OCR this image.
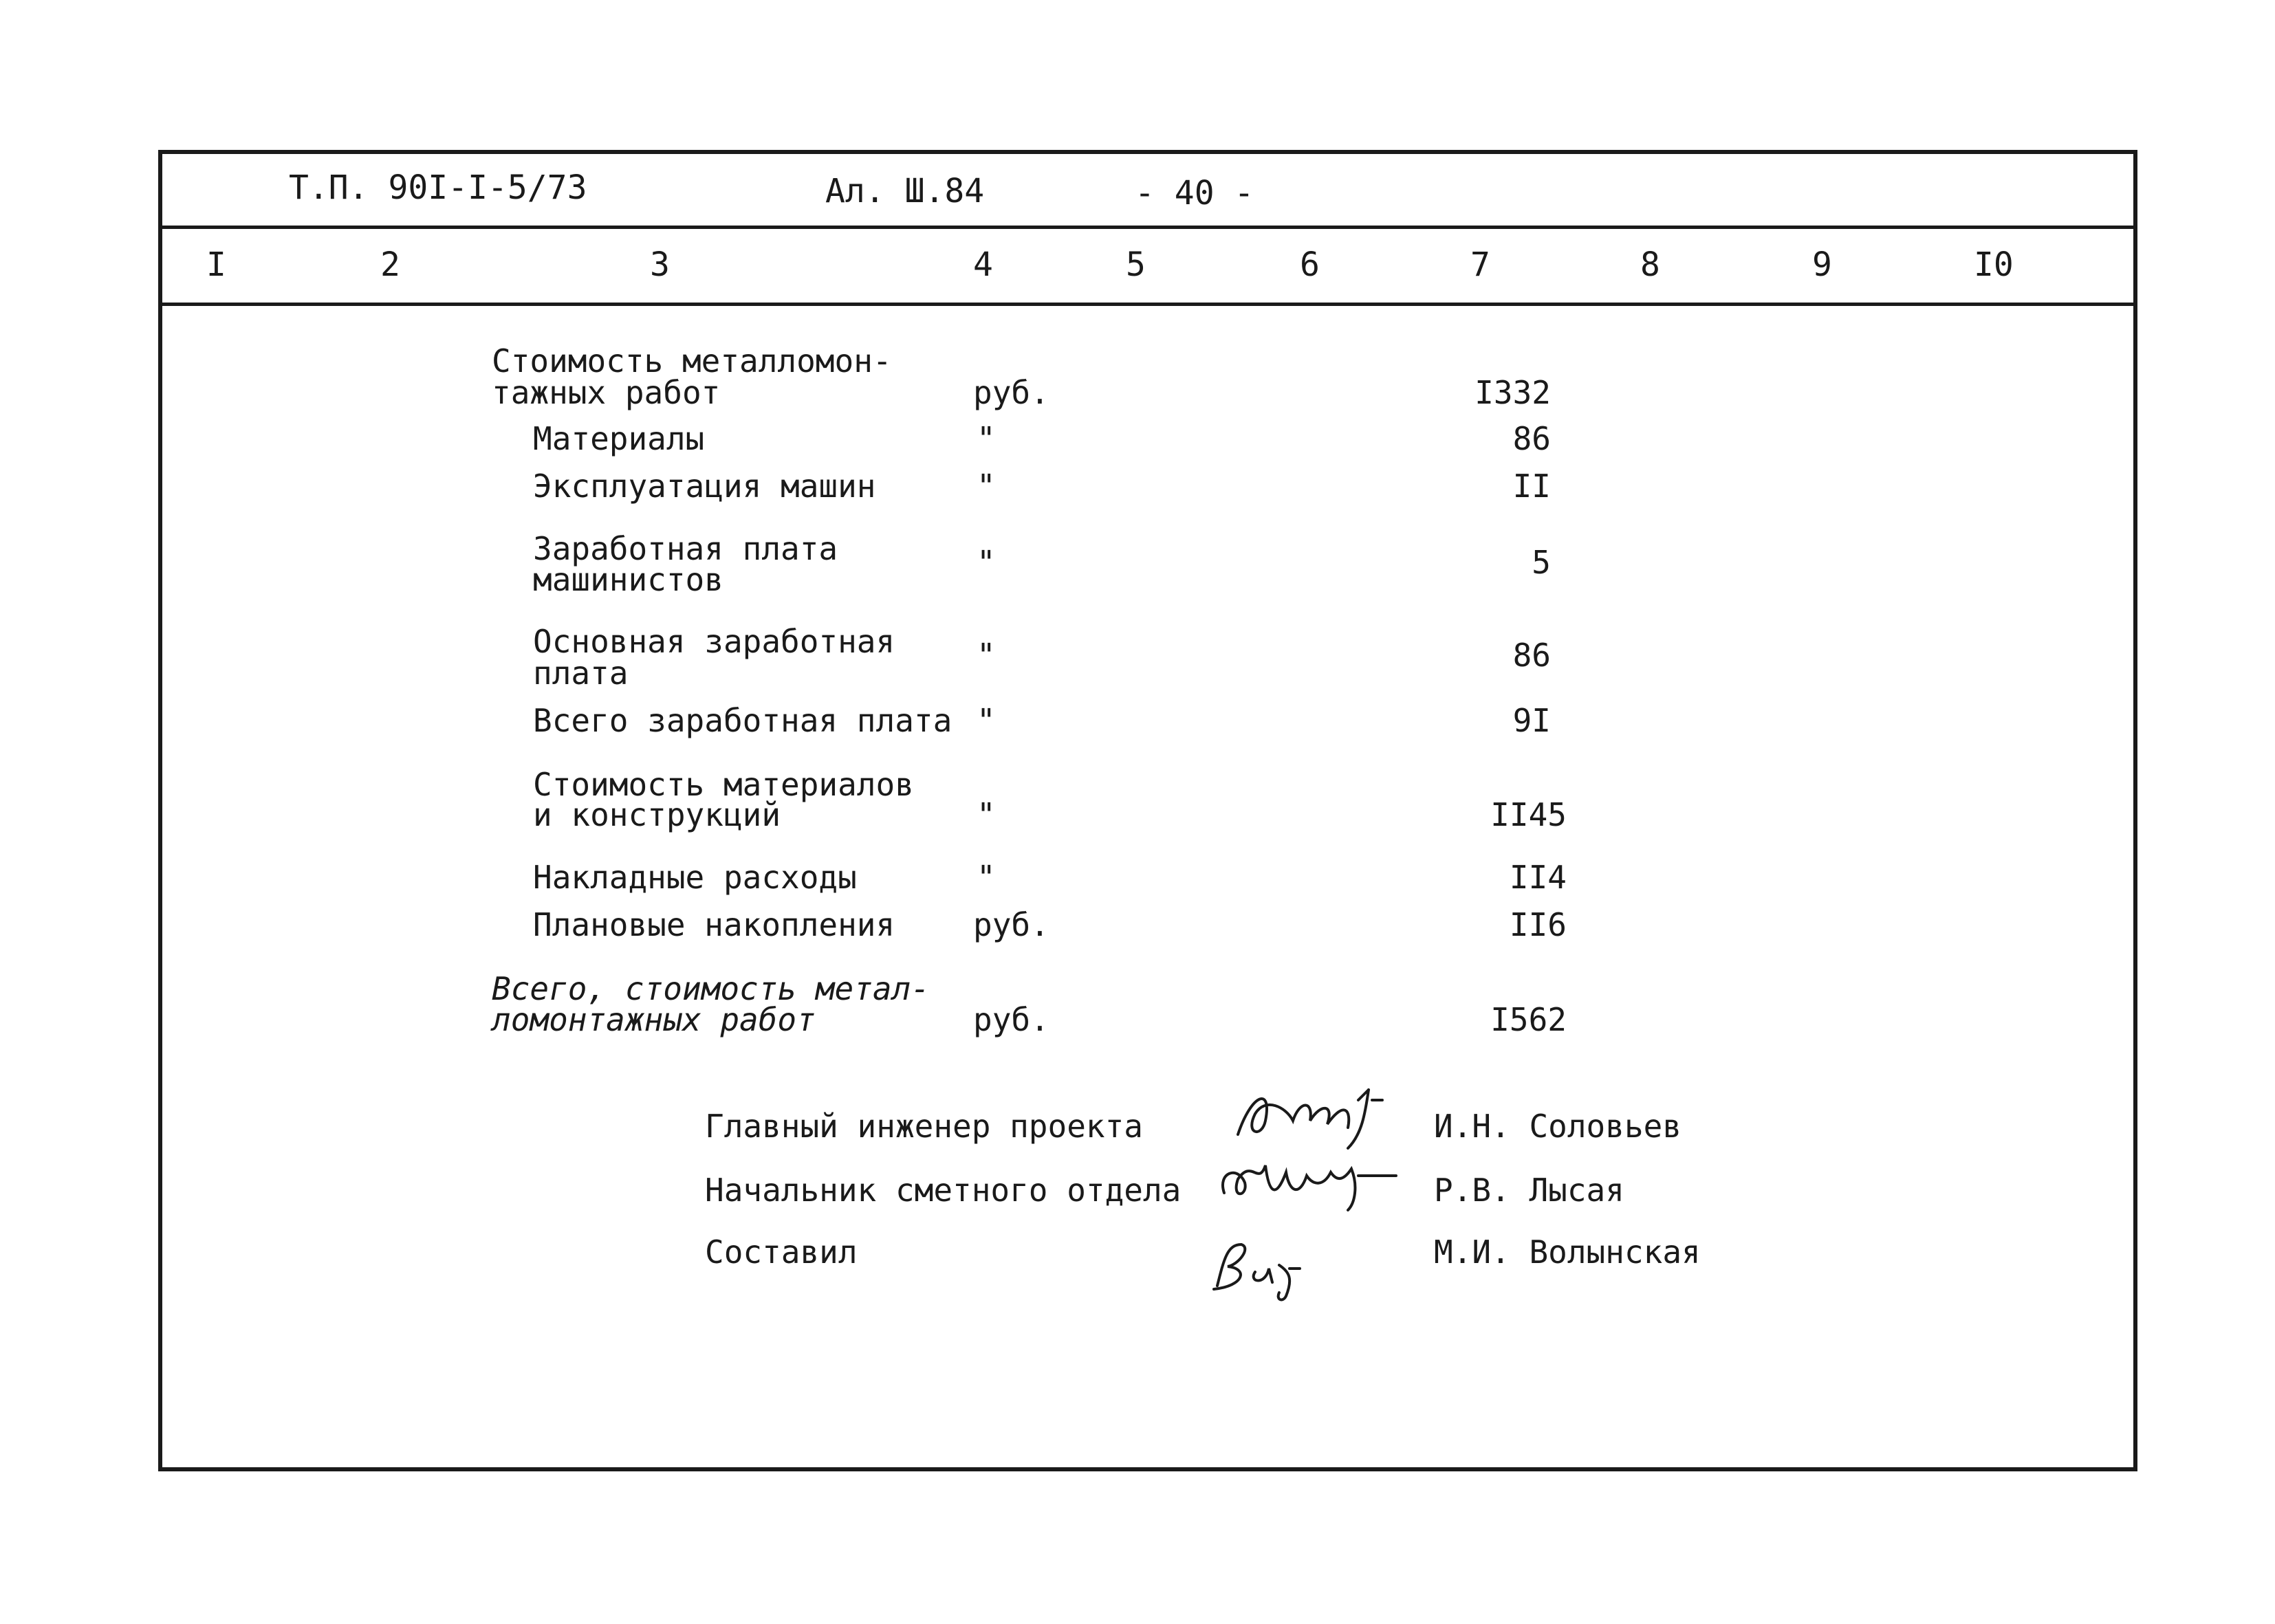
Т.П. 90I-I-5/73	Ал. Ш.84	- 40 -
I	2	3	4	5	6	7	8	9	I0
Стоимость металломон-
тажных работ	руб.	I332
Материалы	"	86
Эксплуатация машин	"	II
Заработная плата
машинистов	"	5
Основная заработная
плата	"	86
Всего заработная плата "	9I
Стоимость материалов
и конструкций	"	II45
Накладные расходы	"	II4
Плановые накопления руб.	II6
Всего, стоимость метал-
ломонтажных работ	руб.	I562
Главный инженер проекта	И.Н. Соловьев
Начальник сметного отдела	Р.В. Лысая
Составил	М.И. Волынская
